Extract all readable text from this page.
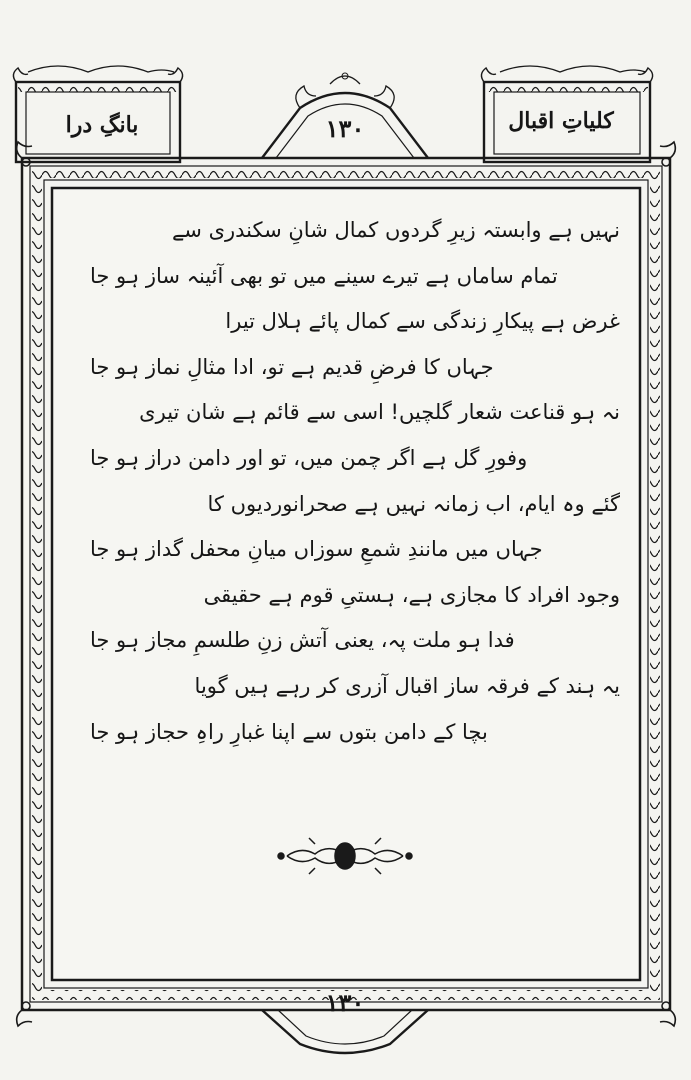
کلیاتِ اقبال
بانگِ درا	۱۳۰
۱۳۰
نہیں ہے وابستہ زیرِ گردوں کمال شانِ سکندری سے
تمام ساماں ہے تیرے سینے میں تو بھی آئینہ ساز ہو جا
غرض ہے پیکارِ زندگی سے کمال پائے ہلال تیرا
جہاں کا فرضِ قدیم ہے تو، ادا مثالِ نماز ہو جا
نہ ہو قناعت شعار گلچیں! اسی سے قائم ہے شان تیری
وفورِ گل ہے اگر چمن میں، تو اور دامن دراز ہو جا
گئے وہ ایام، اب زمانہ نہیں ہے صحرانوردیوں کا
جہاں میں مانندِ شمعِ سوزاں میانِ محفل گداز ہو جا
وجود افراد کا مجازی ہے، ہستیِ قوم ہے حقیقی
فدا ہو ملت پہ، یعنی آتش زنِ طلسمِ مجاز ہو جا
یہ ہند کے فرقہ ساز اقبال آزری کر رہے ہیں گویا
بچا کے دامن بتوں سے اپنا غبارِ راہِ حجاز ہو جا
